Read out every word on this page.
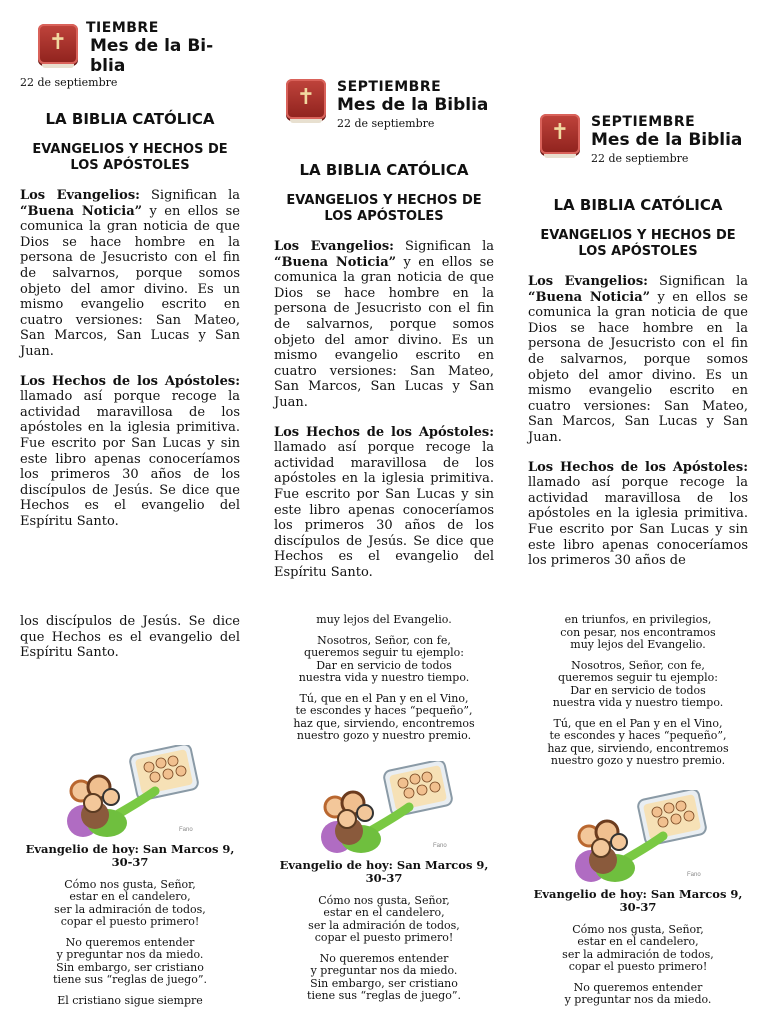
✝
TIEMBRE
Mes de la Bi-
blia
22 de septiembre
LA BIBLIA CATÓLICA
EVANGELIOS Y HECHOS DE LOS APÓSTOLES
Los Evangelios: Significan la “Buena Noticia” y en ellos se comunica la gran noticia de que Dios se hace hombre en la persona de Jesucristo con el fin de salvarnos, porque somos objeto del amor divino. Es un mismo evangelio escrito en cuatro versiones: San Mateo, San Marcos, San Lucas y San Juan.
Los Hechos de los Apóstoles: llamado así porque recoge la actividad maravillosa de los apóstoles en la iglesia primitiva. Fue escrito por San Lucas y sin este libro apenas conoceríamos los primeros 30 años de los discípulos de Jesús. Se dice que Hechos es el evangelio del Espíritu Santo.
✝	SEPTIEMBRE
Mes de la Biblia
22 de septiembre
LA BIBLIA CATÓLICA
EVANGELIOS Y HECHOS DE LOS APÓSTOLES
Los Evangelios: Significan la “Buena Noticia” y en ellos se comunica la gran noticia de que Dios se hace hombre en la persona de Jesucristo con el fin de salvarnos, porque somos objeto del amor divino. Es un mismo evangelio escrito en cuatro versiones: San Mateo, San Marcos, San Lucas y San Juan.
Los Hechos de los Apóstoles: llamado así porque recoge la actividad maravillosa de los apóstoles en la iglesia primitiva. Fue escrito por San Lucas y sin este libro apenas conoceríamos los primeros 30 años de los discípulos de Jesús. Se dice que Hechos es el evangelio del Espíritu Santo.
✝	SEPTIEMBRE
Mes de la Biblia
22 de septiembre
LA BIBLIA CATÓLICA
EVANGELIOS Y HECHOS DE LOS APÓSTOLES
Los Evangelios: Significan la “Buena Noticia” y en ellos se comunica la gran noticia de que Dios se hace hombre en la persona de Jesucristo con el fin de salvarnos, porque somos objeto del amor divino. Es un mismo evangelio escrito en cuatro versiones: San Mateo, San Marcos, San Lucas y San Juan.
Los Hechos de los Apóstoles: llamado así porque recoge la actividad maravillosa de los apóstoles en la iglesia primitiva. Fue escrito por San Lucas y sin este libro apenas conoceríamos los primeros 30 años de
los discípulos de Jesús. Se dice que Hechos es el evangelio del Espíritu Santo.
Fano
Evangelio de hoy: San Marcos 9, 30-37

Cómo nos gusta, Señor,
estar en el candelero,
ser la admiración de todos,
copar el puesto primero!

No queremos entender
y preguntar nos da miedo.
Sin embargo, ser cristiano
tiene sus “reglas de juego”.

El cristiano sigue siempre

muy lejos del Evangelio.

Nosotros, Señor, con fe,
queremos seguir tu ejemplo:
Dar en servicio de todos
nuestra vida y nuestro tiempo.

Tú, que en el Pan y en el Vino,
te escondes y haces “pequeño”,
haz que, sirviendo, encontremos
nuestro gozo y nuestro premio.

Fano
Evangelio de hoy: San Marcos 9, 30-37

Cómo nos gusta, Señor,
estar en el candelero,
ser la admiración de todos,
copar el puesto primero!

No queremos entender
y preguntar nos da miedo.
Sin embargo, ser cristiano
tiene sus “reglas de juego”.

en triunfos, en privilegios,
con pesar, nos encontramos
muy lejos del Evangelio.

Nosotros, Señor, con fe,
queremos seguir tu ejemplo:
Dar en servicio de todos
nuestra vida y nuestro tiempo.

Tú, que en el Pan y en el Vino,
te escondes y haces “pequeño”,
haz que, sirviendo, encontremos
nuestro gozo y nuestro premio.

Fano
Evangelio de hoy: San Marcos 9, 30-37

Cómo nos gusta, Señor,
estar en el candelero,
ser la admiración de todos,
copar el puesto primero!

No queremos entender
y preguntar nos da miedo.
